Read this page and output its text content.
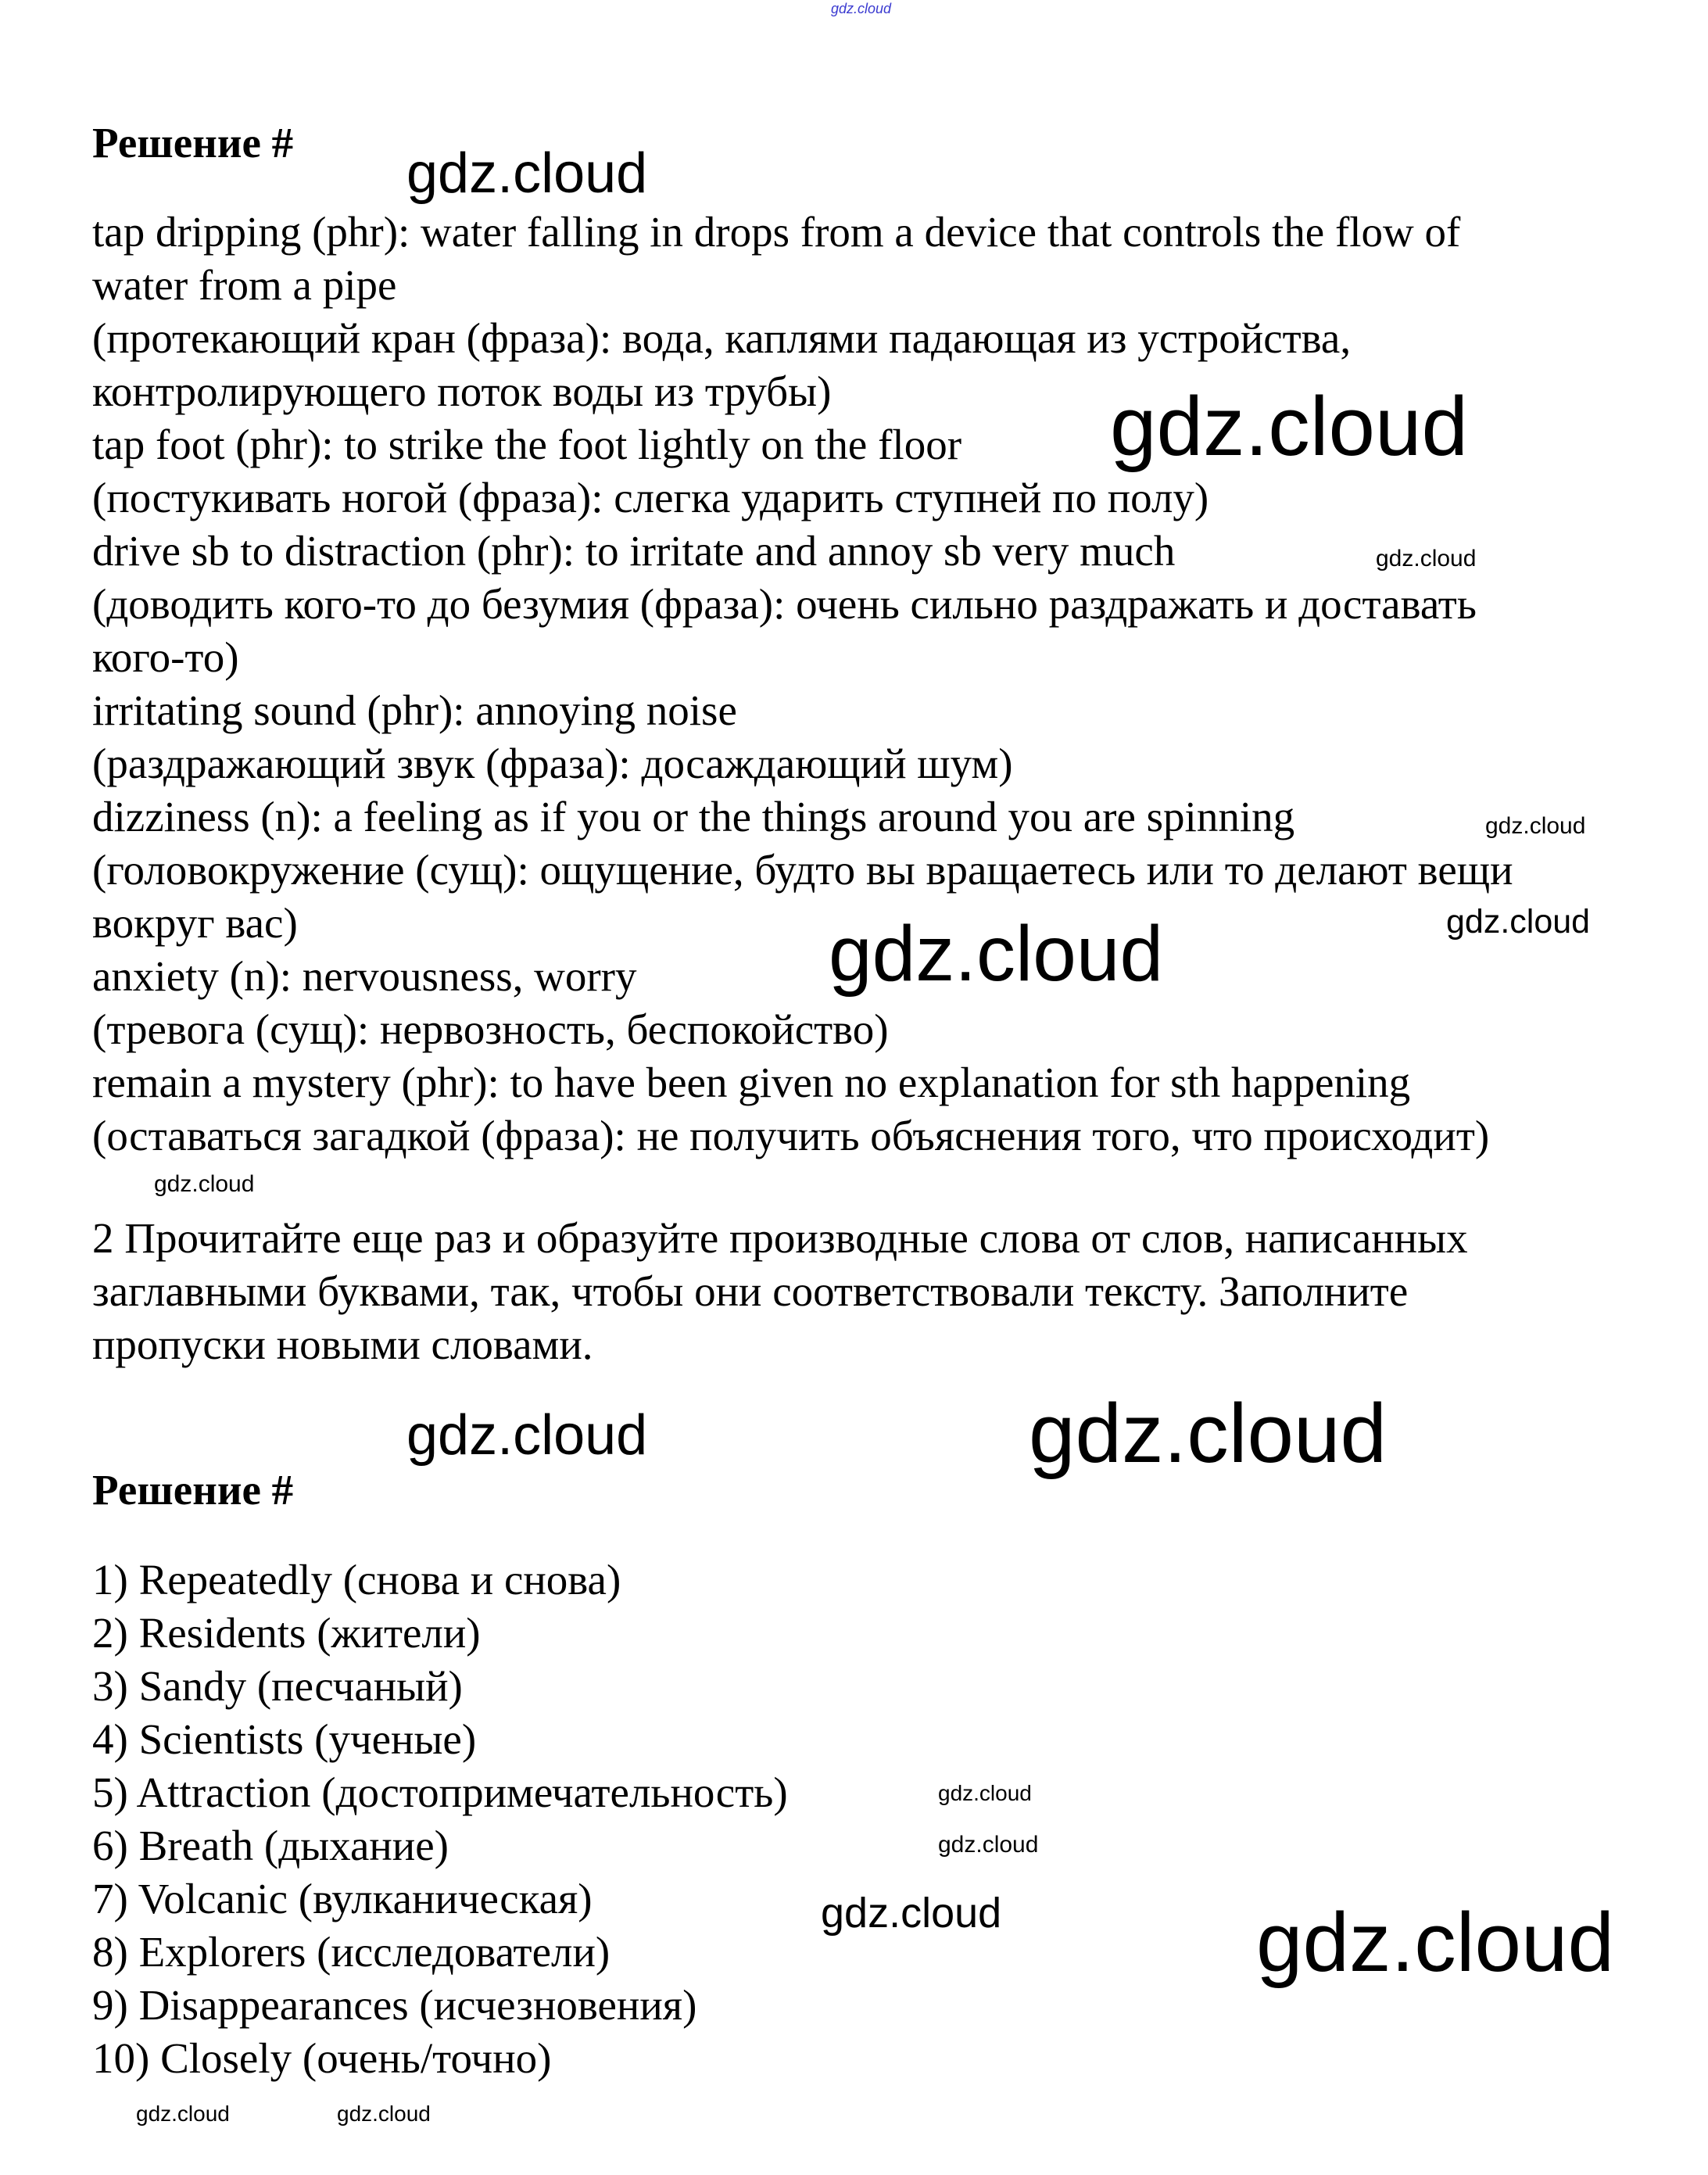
gdz.cloud
Решение #
tap dripping (phr): water falling in drops from a device that controls the flow of
water from a pipe
(протекающий кран (фраза): вода, каплями падающая из устройства,
контролирующего поток воды из трубы)
tap foot (phr): to strike the foot lightly on the floor
(постукивать ногой (фраза): слегка ударить ступней по полу)
drive sb to distraction (phr): to irritate and annoy sb very much
(доводить кого-то до безумия (фраза): очень сильно раздражать и доставать
кого-то)
irritating sound (phr): annoying noise
(раздражающий звук (фраза): досаждающий шум)
dizziness (n): a feeling as if you or the things around you are spinning
(головокружение (сущ): ощущение, будто вы вращаетесь или то делают вещи
вокруг вас)
anxiety (n): nervousness, worry
(тревога (сущ): нервозность, беспокойство)
remain a mystery (phr): to have been given no explanation for sth happening
(оставаться загадкой (фраза): не получить объяснения того, что происходит)
2 Прочитайте еще раз и образуйте производные слова от слов, написанных
заглавными буквами, так, чтобы они соответствовали тексту. Заполните
пропуски новыми словами.
Решение #
1) Repeatedly (снова и снова)
2) Residents (жители)
3) Sandy (песчаный)
4) Scientists (ученые)
5) Attraction (достопримечательность)
6) Breath (дыхание)
7) Volcanic (вулканическая)
8) Explorers (исследователи)
9) Disappearances (исчезновения)
10) Closely (очень/точно)
gdz.cloud
gdz.cloud
gdz.cloud
gdz.cloud
gdz.cloud
gdz.cloud
gdz.cloud
gdz.cloud	gdz.cloud
gdz.cloud
gdz.cloud
gdz.cloud	gdz.cloud
gdz.cloud	gdz.cloud
